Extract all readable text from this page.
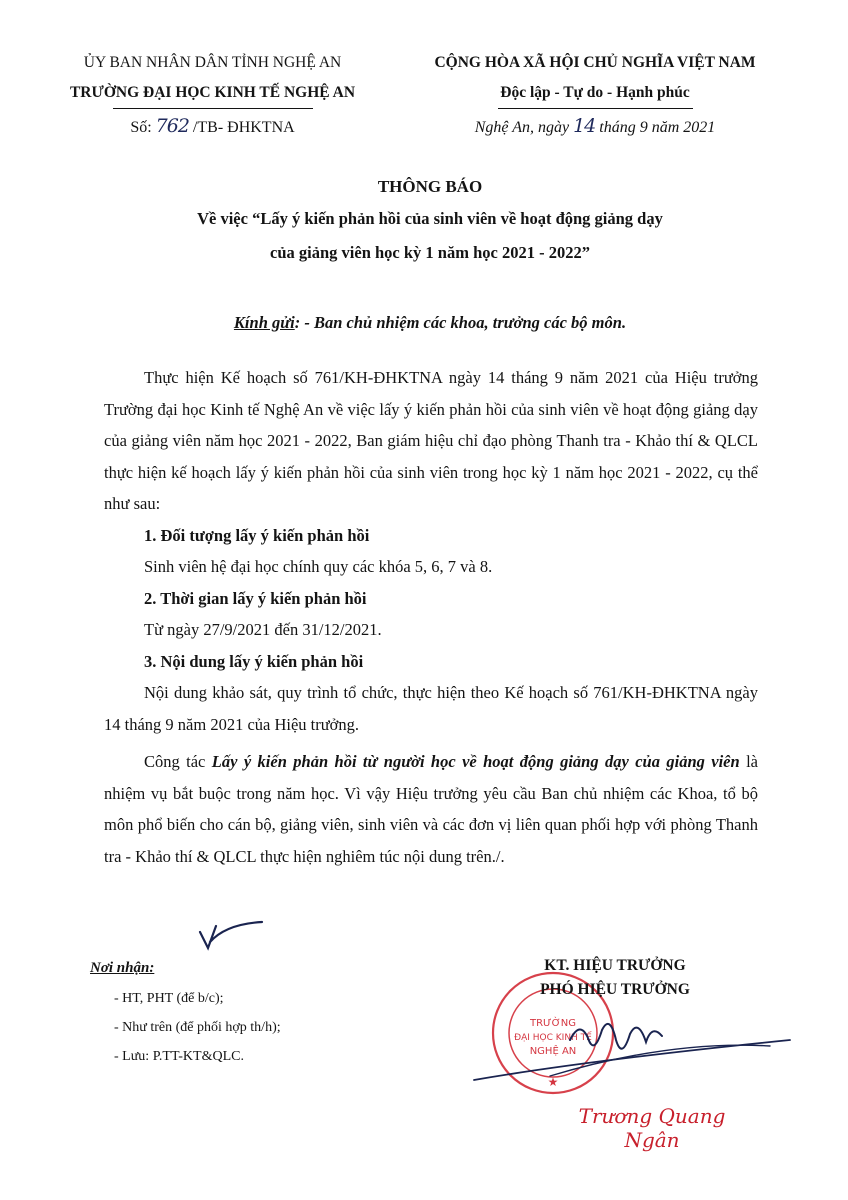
ỦY BAN NHÂN DÂN TỈNH NGHỆ AN
TRƯỜNG ĐẠI HỌC KINH TẾ NGHỆ AN
Số: 762 /TB- ĐHKTNA
CỘNG HÒA XÃ HỘI CHỦ NGHĨA VIỆT NAM
Độc lập - Tự do - Hạnh phúc
Nghệ An, ngày 14 tháng 9 năm 2021
THÔNG BÁO
Về việc “Lấy ý kiến phản hồi của sinh viên về hoạt động giảng dạy
của giảng viên học kỳ 1 năm học 2021 - 2022”
Kính gửi: - Ban chủ nhiệm các khoa, trưởng các bộ môn.

Thực hiện Kế hoạch số 761/KH-ĐHKTNA ngày 14 tháng 9 năm 2021 của Hiệu trưởng Trường đại học Kinh tế Nghệ An về việc lấy ý kiến phản hồi của sinh viên về hoạt động giảng dạy của giảng viên năm học 2021 - 2022, Ban giám hiệu chỉ đạo phòng Thanh tra - Khảo thí & QLCL thực hiện kế hoạch lấy ý kiến phản hồi của sinh viên trong học kỳ 1 năm học 2021 - 2022, cụ thể như sau:

1. Đối tượng lấy ý kiến phản hồi

Sinh viên hệ đại học chính quy các khóa 5, 6, 7 và 8.

2. Thời gian lấy ý kiến phản hồi

Từ ngày 27/9/2021 đến 31/12/2021.

3. Nội dung lấy ý kiến phản hồi

Nội dung khảo sát, quy trình tổ chức, thực hiện theo Kế hoạch số 761/KH-ĐHKTNA ngày 14 tháng 9 năm 2021 của Hiệu trưởng.

Công tác Lấy ý kiến phản hồi từ người học về hoạt động giảng dạy của giảng viên là nhiệm vụ bắt buộc trong năm học. Vì vậy Hiệu trưởng yêu cầu Ban chủ nhiệm các Khoa, tổ bộ môn phổ biến cho cán bộ, giảng viên, sinh viên và các đơn vị liên quan phối hợp với phòng Thanh tra - Khảo thí & QLCL thực hiện nghiêm túc nội dung trên./.

Nơi nhận:
- HT, PHT (để b/c);
- Như trên (để phối hợp th/h);
- Lưu: P.TT-KT&QLC.
TRƯỜNG
ĐẠI HỌC KINH TẾ
NGHỆ AN
★
KT. HIỆU TRƯỞNG
PHÓ HIỆU TRƯỞNG
Trương Quang Ngân
